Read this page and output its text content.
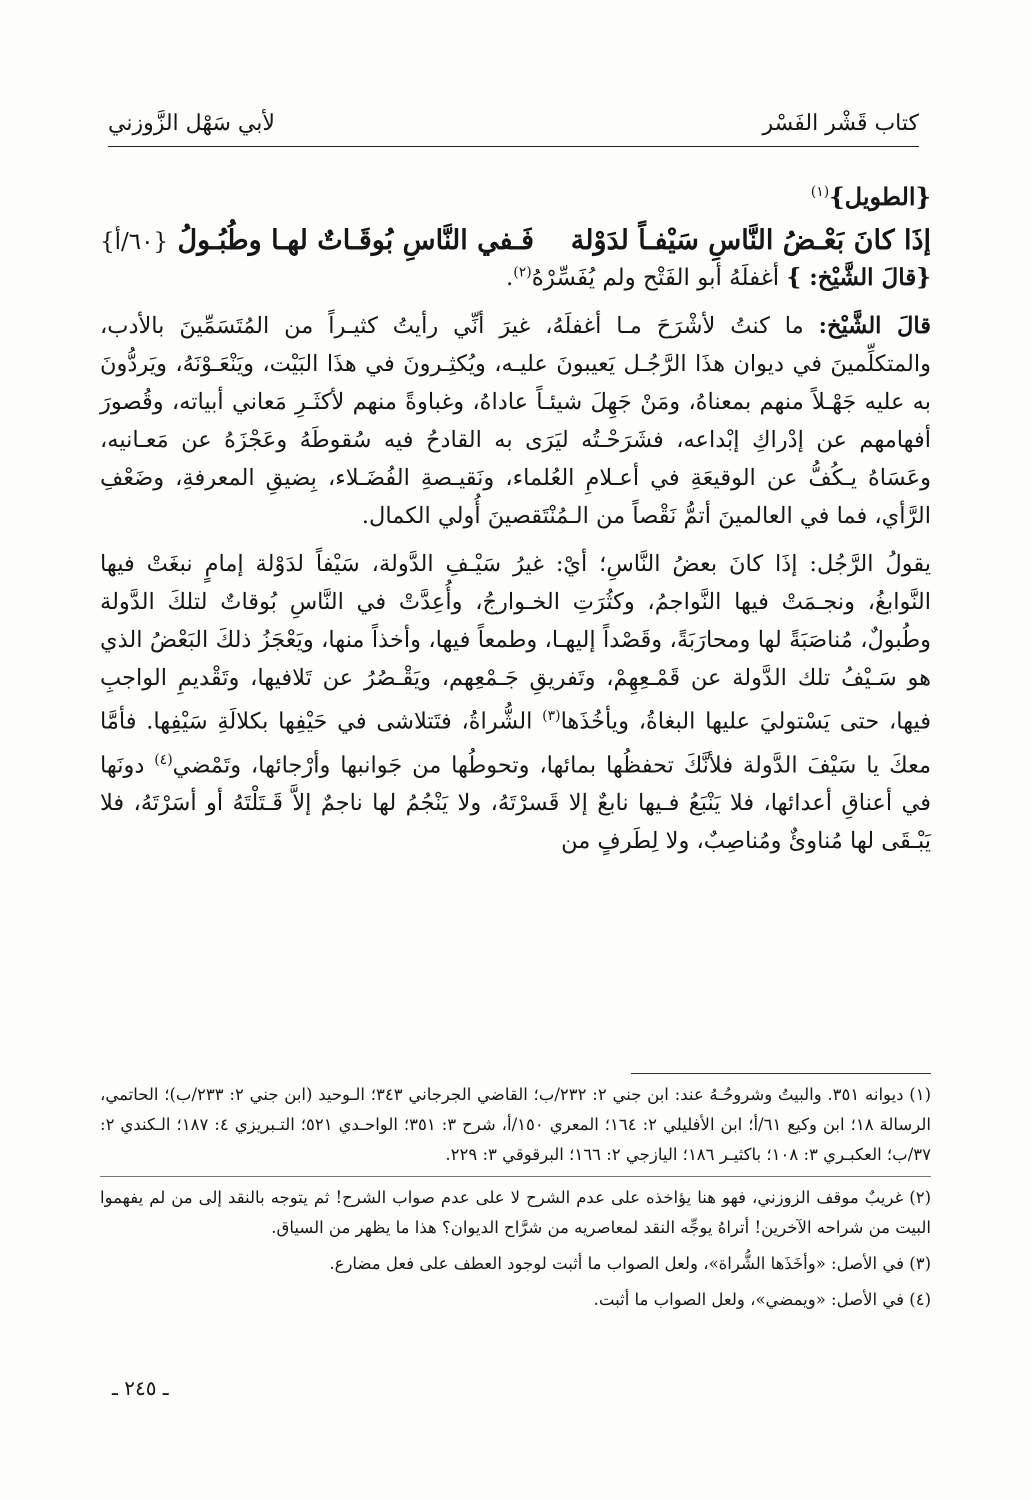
كتاب قَشْر الفَسْر
لأبي سَهْل الزَّوزني
{الطويل}$^{(١)}$
إذَا كانَ بَعْـضُ النَّاسِ سَيْفـاً لدَوْلة
فَـفي النَّاسِ بُوقَـاتٌ لهـا وطُبُـولُ {٦٠/أ}
{قالَ الشَّيْخ: } أغفلَهُ أبو الفَتْح ولم يُفَسِّرْهُ$^{(٢)}$.

قالَ الشَّيْخ: ما كنتُ لأشْرَحَ مـا أغفلَهُ، غيرَ أنِّي رأيتُ كثيـراً من المُتَسَمِّينَ بالأدب، والمتكلِّمينَ في ديوان هذَا الرَّجُـل يَعيبونَ عليـه، ويُكثِـرونَ في هذَا البَيْت، ويَنْعَـوْنَهُ، ويَردُّونَ به عليه جَهْـلاً منهم بمعناهُ، ومَنْ جَهِلَ شيئـاً عاداهُ، وغباوةً منهم لأكثَـرِ مَعاني أبياته، وقُصورَ أفهامهم عن إدْراكِ إبْداعه، فشَرَحْـتُه ليَرَى به القادحُ فيه سُقوطَهُ وعَجْزَهُ عن مَعـانيه، وعَسَاهُ يـكُفُّ عن الوقيعَةِ في أعـلامِ العُلماء، ونَقيـصةِ الفُضَـلاء، بِضيقِ المعرفةِ، وضَعْفِ الرَّأي، فما في العالمينَ أتمُّ نَقْصاً من الـمُنْتَقصينَ أُولي الكمال.

يقولُ الرَّجُل: إذَا كانَ بعضُ النَّاسِ؛ أيْ: غيرُ سَيْـفِ الدَّولة، سَيْفاً لدَوْلة إمامٍ نبغَتْ فيها النَّوابغُ، ونجـمَتْ فيها النَّواجمُ، وكثُرَتِ الخـوارجُ، وأُعِدَّتْ في النَّاسِ بُوقاتٌ لتلكَ الدَّولة وطُبولٌ، مُناصَبَةً لها ومحارَبَةً، وقَصْداً إليهـا، وطمعاً فيها، وأخذاً منها، ويَعْجَزُ ذلكَ البَعْضُ الذي هو سَـيْفُ تلك الدَّولة عن قَمْـعِهِمْ، وتَفريقِ جَـمْعِهم، ويَقْـصُرُ عن تَلافيها، وتَقْديمِ الواجبِ فيها، حتى يَسْتوليَ عليها البغاةُ، ويأخُذَها$^{(٣)}$ الشُّراةُ، فتَتلاشى في حَيْفِها بكلالَةِ سَيْفِها. فأمَّا معكَ يا سَيْفَ الدَّولة فلأنَّكَ تحفظُها بمائها، وتحوطُها من جَوانبها وأرْجائها، وتَمْضي$^{(٤)}$ دونَها في أعناقِ أعدائها، فلا يَنْبَعُ فـيها نابعٌ إلا قَسرْتَهُ، ولا يَنْجُمُ لها ناجمٌ إلاَّ قَـتَلْتَهُ أو أسَرْتَهُ، فلا يَبْـقَى لها مُناوئٌ ومُناصِبٌ، ولا لِطَرفٍ من

(١) ديوانه ٣٥١. والبيتُ وشروحُـهُ عند: ابن جني ٢: ٢٣٢/ب؛ القاضي الجرجاني ٣٤٣؛ الـوحيد (ابن جني ٢: ٢٣٣/ب)؛ الحاتمي، الرسالة ١٨؛ ابن وكيع ٦١/أ؛ ابن الأفليلي ٢: ١٦٤؛ المعري ١٥٠/أ، شرح ٣: ٣٥١؛ الواحـدي ٥٢١؛ التـبريزي ٤: ١٨٧؛ الـكندي ٢: ٣٧/ب؛ العكبـري ٣: ١٠٨؛ باكثيـر ١٨٦؛ اليازجي ٢: ١٦٦؛ البرقوقي ٣: ٢٢٩.

(٢) غريبٌ موقف الزوزني، فهو هنا يؤاخذه على عدم الشرح لا على عدم صواب الشرح! ثم يتوجه بالنقد إلى من لم يفهموا البيت من شراحه الآخرين! أتراهُ يوجِّه النقد لمعاصريه من شرَّاح الديوان؟ هذا ما يظهر من السياق.

(٣) في الأصل: «وأخَذَها الشُّراة»، ولعل الصواب ما أثبت لوجود العطف على فعل مضارع.

(٤) في الأصل: «ويمضي»، ولعل الصواب ما أثبت.

ـ ٢٤٥ ـ
